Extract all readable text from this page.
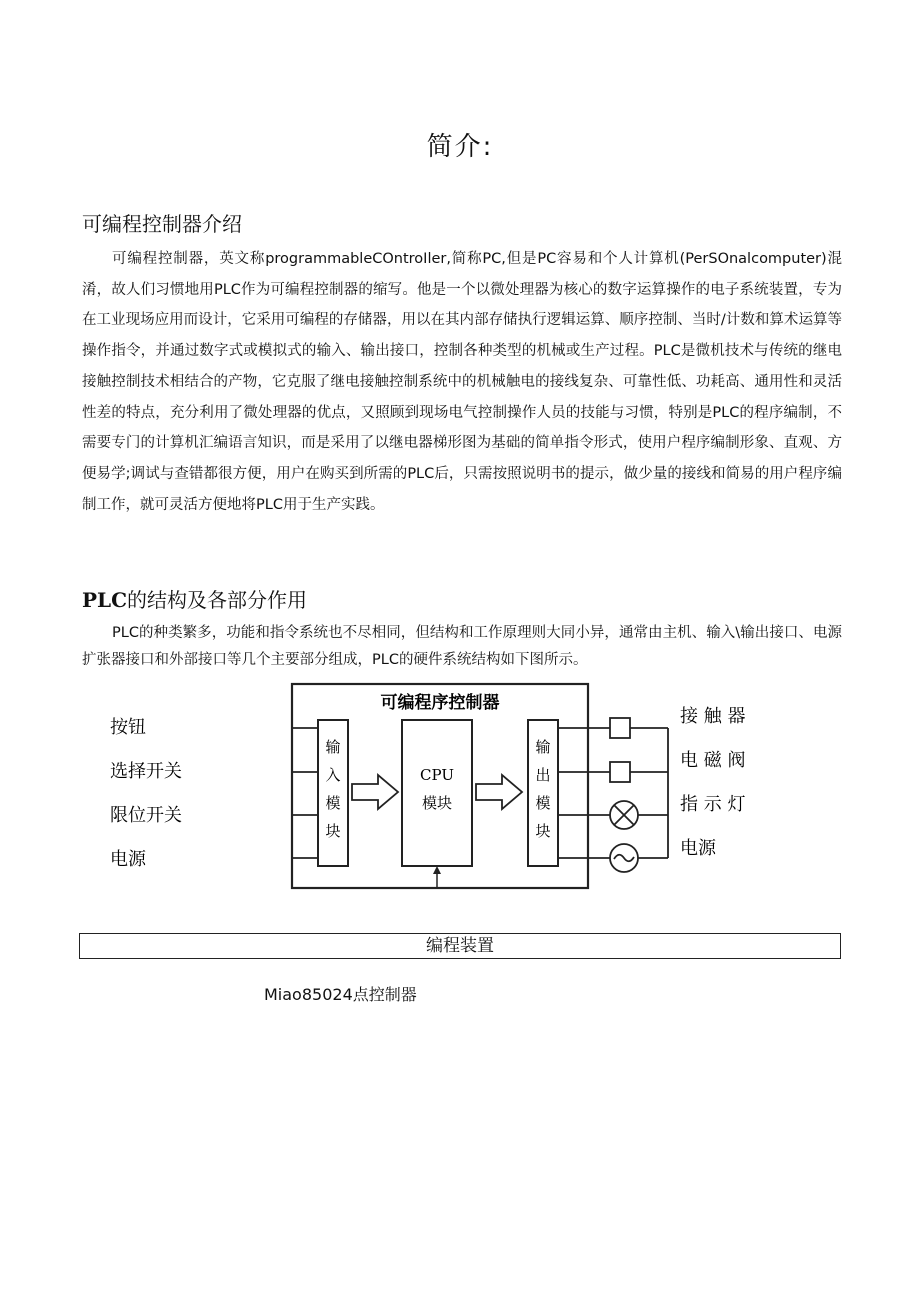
简介:
可编程控制器介绍

可编程控制器，英文称programmableCOntroIler,简称PC,但是PC容易和个人计算机(PerSOnalcomputer)混淆，故人们习惯地用PLC作为可编程控制器的缩写。他是一个以微处理器为核心的数字运算操作的电子系统装置，专为在工业现场应用而设计，它采用可编程的存储器，用以在其内部存储执行逻辑运算、顺序控制、当时/计数和算术运算等操作指令，并通过数字式或模拟式的输入、输出接口，控制各种类型的机械或生产过程。PLC是微机技术与传统的继电接触控制技术相结合的产物，它克服了继电接触控制系统中的机械触电的接线复杂、可靠性低、功耗高、通用性和灵活性差的特点，充分利用了微处理器的优点，又照顾到现场电气控制操作人员的技能与习惯，特别是PLC的程序编制，不需要专门的计算机汇编语言知识，而是采用了以继电器梯形图为基础的简单指令形式，使用户程序编制形象、直观、方便易学;调试与查错都很方便，用户在购买到所需的PLC后，只需按照说明书的提示，做少量的接线和简易的用户程序编制工作，就可灵活方便地将PLC用于生产实践。

PLC的结构及各部分作用

PLC的种类繁多，功能和指令系统也不尽相同，但结构和工作原理则大同小异，通常由主机、输入\输出接口、电源扩张器接口和外部接口等几个主要部分组成，PLC的硬件系统结构如下图所示。

可编程序控制器
输
入
模
块
CPU
模块
输
出
模
块
按钮
选择开关
限位开关
电源
接 触 器
电 磁 阀
指 示 灯
电源
编程装置
Miao85024点控制器
